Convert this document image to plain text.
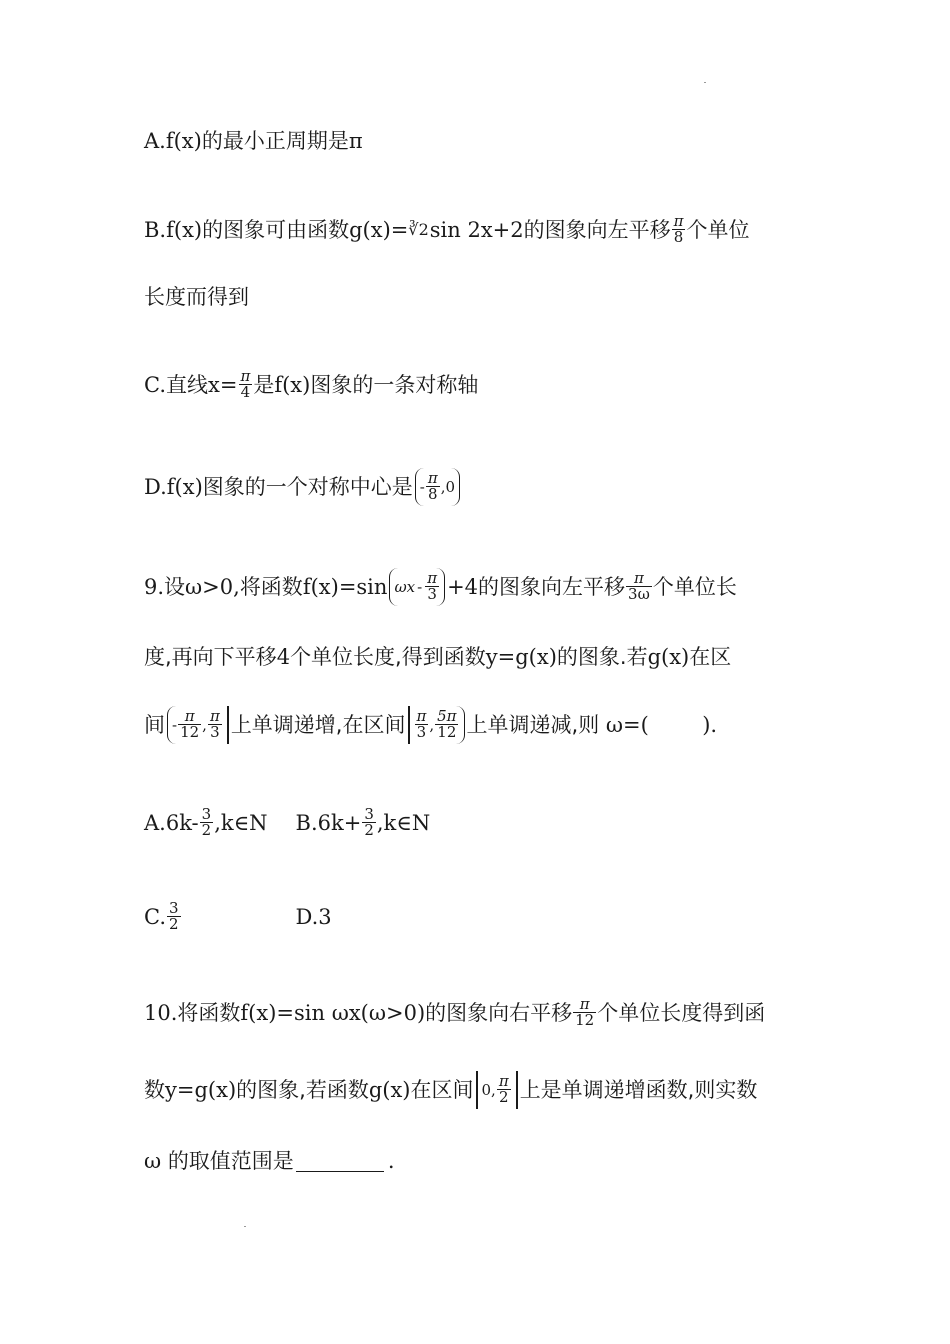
A.f(x) 的最小正周期是 π
B.f(x) 的图象可由函数 g(x)= ∛2 sin 2x+2 的图象向左平移 $\frac{\pi}{8}$ 个单位
长度而得到
C. 直线 $x= \frac{\pi}{4}$ 是 f(x) 图象的一条对称轴
D.f(x) 图象的一个对称中心是 - $\frac{\pi}{8} ,0$
9. 设 ω>0, 将函数 f(x)=sin $\omega x - \frac{\pi}{3} +4$ 的图象向左平移 $\frac{\pi}{3\omega}$ 个单位长
度,再向下平移 4 个单位长度,得到函数 y=g(x) 的图象.若 g(x) 在区
间 - $\frac{\pi}{12}$ , $\frac{\pi}{3}$ 上单调递增,在区间 $\frac{\pi}{3}$ , $\frac{5\pi}{12}$ 上单调递减,则 ω=(        ).
$A.6k- \frac{3}{2}$ ,k∈N $B.6k+ \frac{3}{2}$ ,k∈N
C. $\frac{3}{2}$	D.3
10. 将函数 f(x)=sin ωx(ω>0) 的图象向右平移 $\frac{\pi}{12}$ 个单位长度得到函
数 y=g(x) 的图象,若函数 g(x) 在区间 0 , $\frac{\pi}{2}$ 上是单调递增函数,则实数
ω 的取值范围是	.
